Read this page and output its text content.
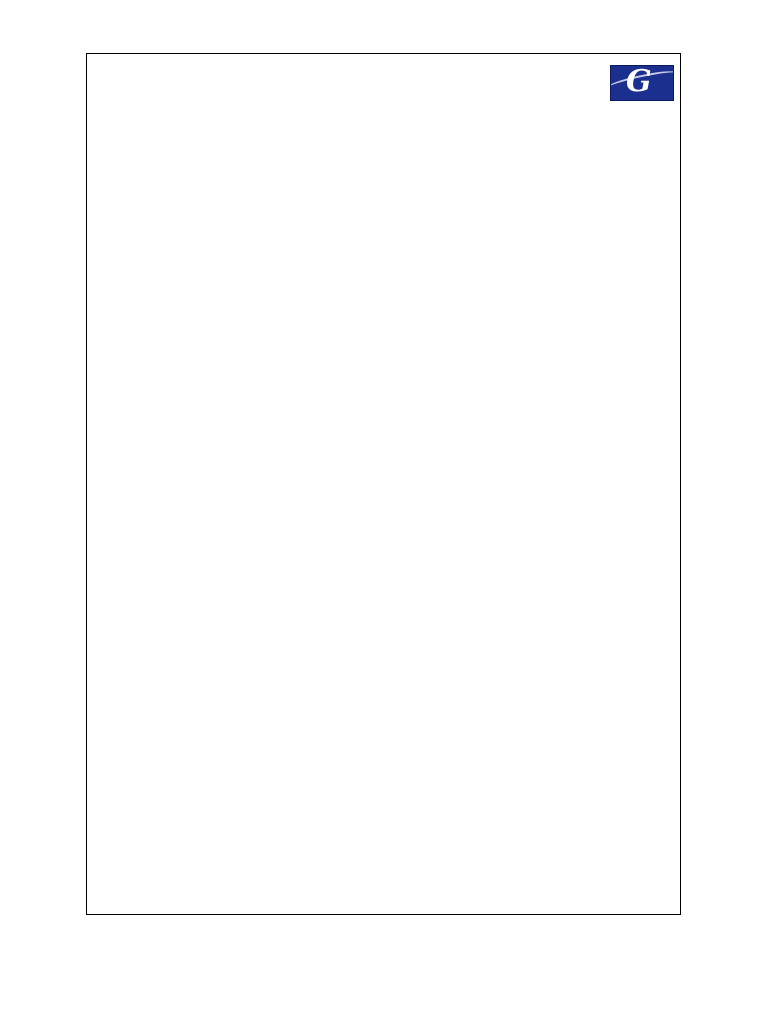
G
